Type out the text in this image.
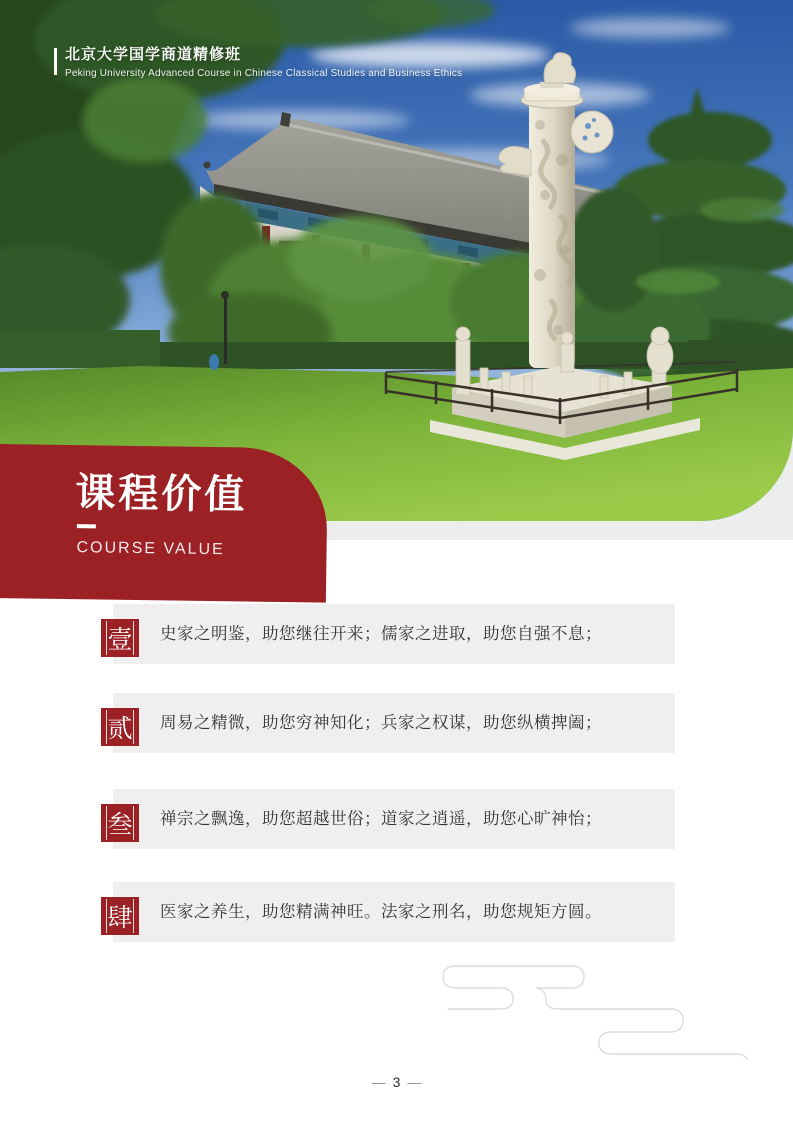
北京大学国学商道精修班
Peking University Advanced Course in Chinese Classical Studies and Business Ethics
课程价值
COURSE VALUE
壹 史家之明鉴，助您继往开来；儒家之进取，助您自强不息；
贰 周易之精微，助您穷神知化；兵家之权谋，助您纵横捭阖；
叁 禅宗之飘逸，助您超越世俗；道家之逍遥，助您心旷神怡；
肆 医家之养生，助您精满神旺。法家之刑名，助您规矩方圆。
— 3 —
